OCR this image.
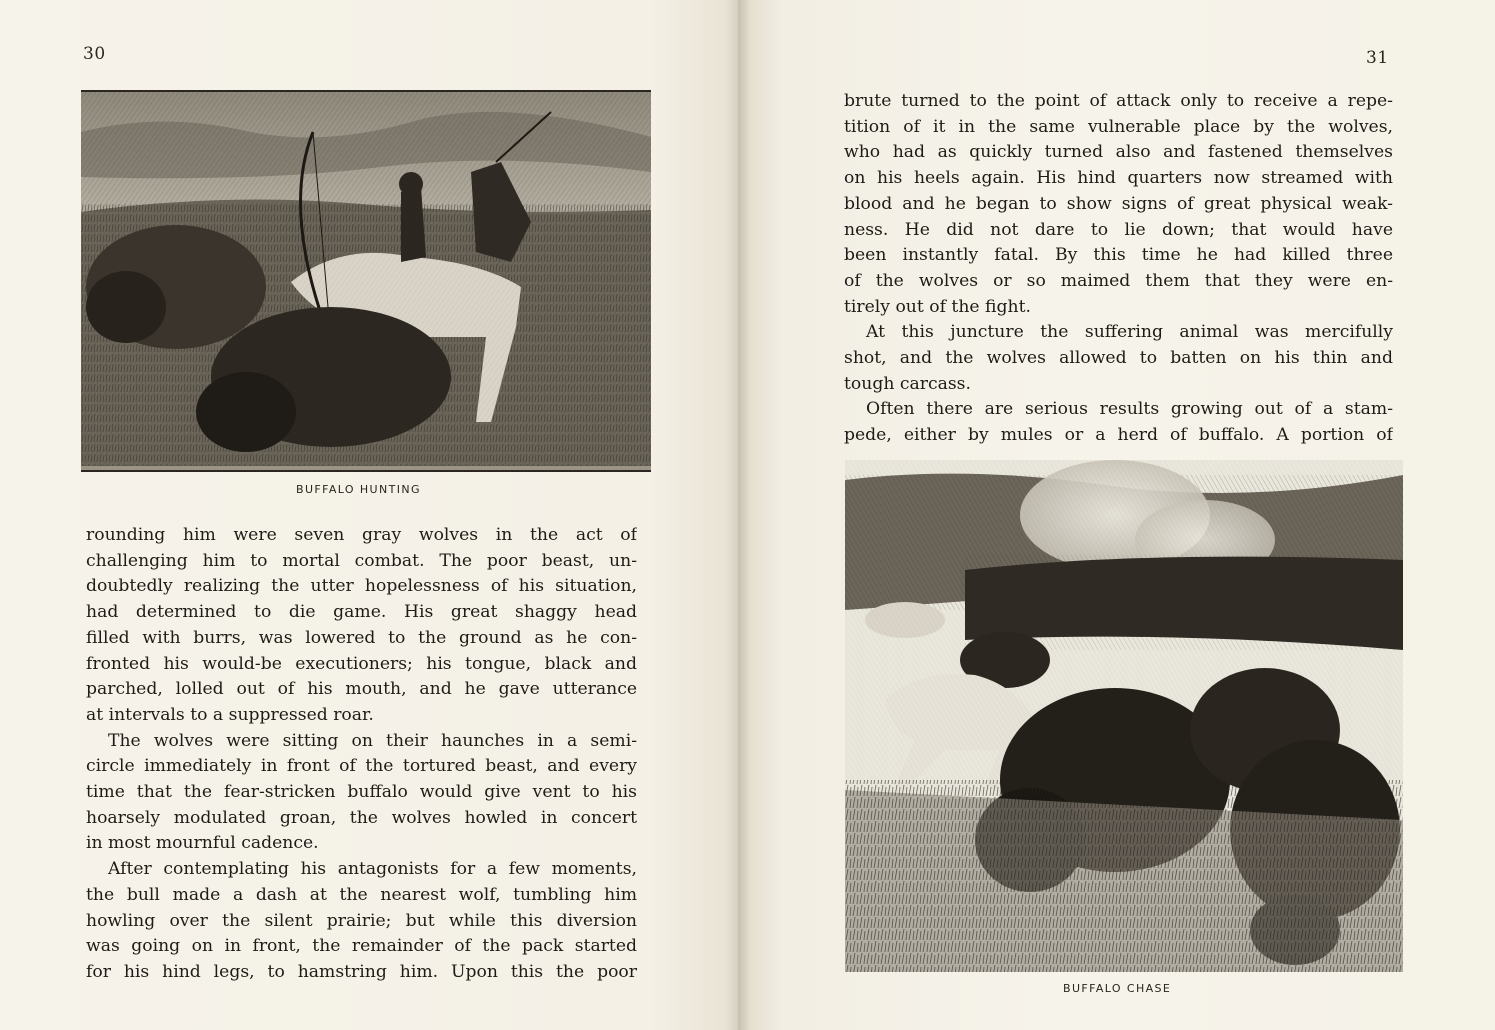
30
BUFFALO HUNTING
rounding him were seven gray wolves in the act of
challenging him to mortal combat. The poor beast, un-
doubtedly realizing the utter hopelessness of his situation,
had determined to die game. His great shaggy head
filled with burrs, was lowered to the ground as he con-
fronted his would-be executioners; his tongue, black and
parched, lolled out of his mouth, and he gave utterance
at intervals to a suppressed roar.
The wolves were sitting on their haunches in a semi-
circle immediately in front of the tortured beast, and every
time that the fear-stricken buffalo would give vent to his
hoarsely modulated groan, the wolves howled in concert
in most mournful cadence.
After contemplating his antagonists for a few moments,
the bull made a dash at the nearest wolf, tumbling him
howling over the silent prairie; but while this diversion
was going on in front, the remainder of the pack started
for his hind legs, to hamstring him. Upon this the poor
31
brute turned to the point of attack only to receive a repe-
tition of it in the same vulnerable place by the wolves,
who had as quickly turned also and fastened themselves
on his heels again. His hind quarters now streamed with
blood and he began to show signs of great physical weak-
ness. He did not dare to lie down; that would have
been instantly fatal. By this time he had killed three
of the wolves or so maimed them that they were en-
tirely out of the fight.
At this juncture the suffering animal was mercifully
shot, and the wolves allowed to batten on his thin and
tough carcass.
Often there are serious results growing out of a stam-
pede, either by mules or a herd of buffalo. A portion of
BUFFALO CHASE
